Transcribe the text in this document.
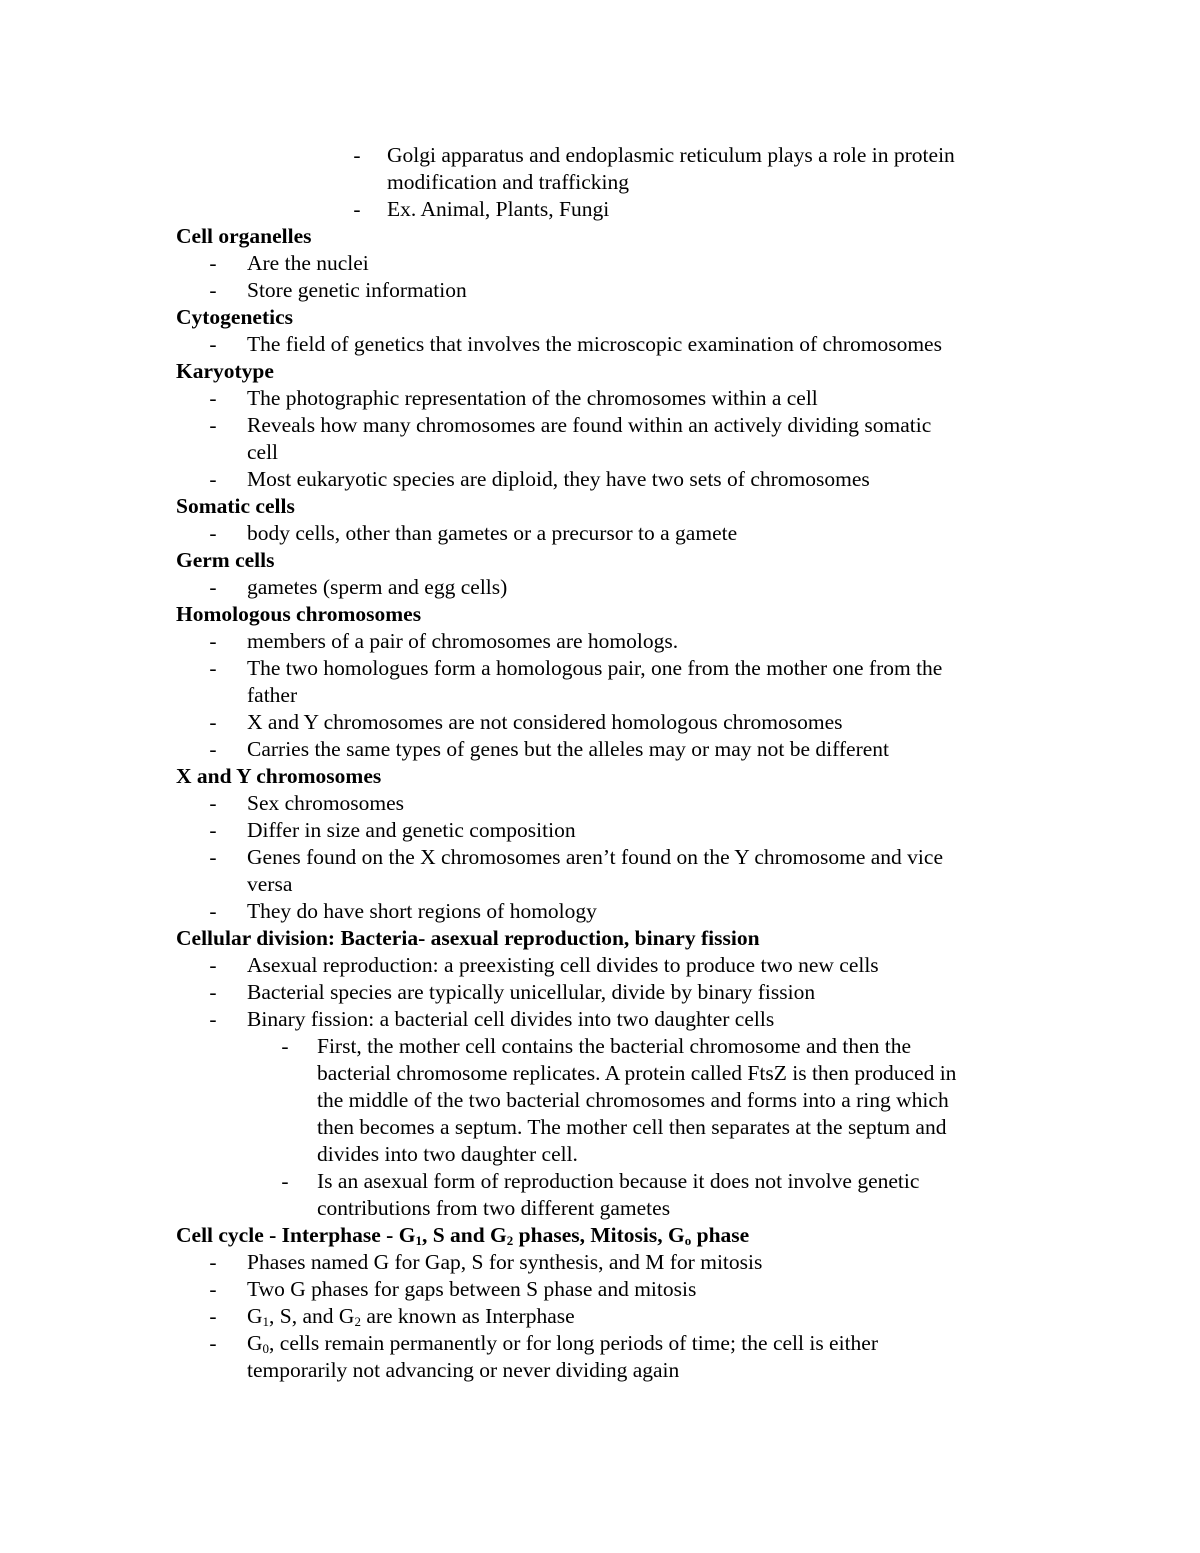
- Golgi apparatus and endoplasmic reticulum plays a role in protein
modification and trafficking
- Ex. Animal, Plants, Fungi
Cell organelles
- Are the nuclei
- Store genetic information
Cytogenetics
- The field of genetics that involves the microscopic examination of chromosomes
Karyotype
- The photographic representation of the chromosomes within a cell
- Reveals how many chromosomes are found within an actively dividing somatic
cell
- Most eukaryotic species are diploid, they have two sets of chromosomes
Somatic cells
- body cells, other than gametes or a precursor to a gamete
Germ cells
- gametes (sperm and egg cells)
Homologous chromosomes
- members of a pair of chromosomes are homologs.
- The two homologues form a homologous pair, one from the mother one from the
father
- X and Y chromosomes are not considered homologous chromosomes
- Carries the same types of genes but the alleles may or may not be different
X and Y chromosomes
- Sex chromosomes
- Differ in size and genetic composition
- Genes found on the X chromosomes aren’t found on the Y chromosome and vice
versa
- They do have short regions of homology
Cellular division: Bacteria- asexual reproduction, binary fission
- Asexual reproduction: a preexisting cell divides to produce two new cells
- Bacterial species are typically unicellular, divide by binary fission
- Binary fission: a bacterial cell divides into two daughter cells
- First, the mother cell contains the bacterial chromosome and then the
bacterial chromosome replicates. A protein called FtsZ is then produced in
the middle of the two bacterial chromosomes and forms into a ring which
then becomes a septum. The mother cell then separates at the septum and
divides into two daughter cell.
- Is an asexual form of reproduction because it does not involve genetic
contributions from two different gametes
Cell cycle - Interphase - $G_1$, S and $G_2$ phases, Mitosis, $G_o$ phase
- Phases named G for Gap, S for synthesis, and M for mitosis
- Two G phases for gaps between S phase and mitosis
- $G_1$, S, and $G_2$ are known as Interphase
- $G_0$, cells remain permanently or for long periods of time; the cell is either
temporarily not advancing or never dividing again
